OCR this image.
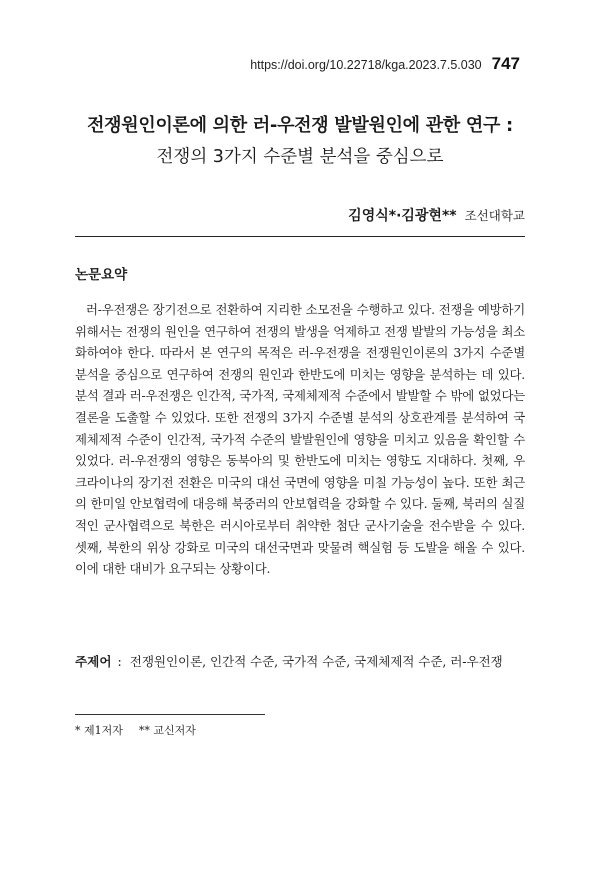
https://doi.org/10.22718/kga.2023.7.5.030 747
전쟁원인이론에 의한 러-우전쟁 발발원인에 관한 연구 :
전쟁의 3가지 수준별 분석을 중심으로
김영식*·김광현** 조선대학교
논문요약
러-우전쟁은 장기전으로 전환하여 지리한 소모전을 수행하고 있다. 전쟁을 예방하기 위해서는 전쟁의 원인을 연구하여 전쟁의 발생을 억제하고 전쟁 발발의 가능성을 최소화하여야 한다. 따라서 본 연구의 목적은 러-우전쟁을 전쟁원인이론의 3가지 수준별 분석을 중심으로 연구하여 전쟁의 원인과 한반도에 미치는 영향을 분석하는 데 있다. 분석 결과 러-우전쟁은 인간적, 국가적, 국제체제적 수준에서 발발할 수 밖에 없었다는 결론을 도출할 수 있었다. 또한 전쟁의 3가지 수준별 분석의 상호관계를 분석하여 국제체제적 수준이 인간적, 국가적 수준의 발발원인에 영향을 미치고 있음을 확인할 수 있었다. 러-우전쟁의 영향은 동북아의 및 한반도에 미치는 영향도 지대하다. 첫째, 우크라이나의 장기전 전환은 미국의 대선 국면에 영향을 미칠 가능성이 높다. 또한 최근의 한미일 안보협력에 대응해 북중러의 안보협력을 강화할 수 있다. 둘째, 북러의 실질적인 군사협력으로 북한은 러시아로부터 취약한 첨단 군사기술을 전수받을 수 있다. 셋째, 북한의 위상 강화로 미국의 대선국면과 맞물려 핵실험 등 도발을 해올 수 있다. 이에 대한 대비가 요구되는 상황이다.
주제어 : 전쟁원인이론, 인간적 수준, 국가적 수준, 국제체제적 수준, 러-우전쟁
* 제1저자 ** 교신저자
